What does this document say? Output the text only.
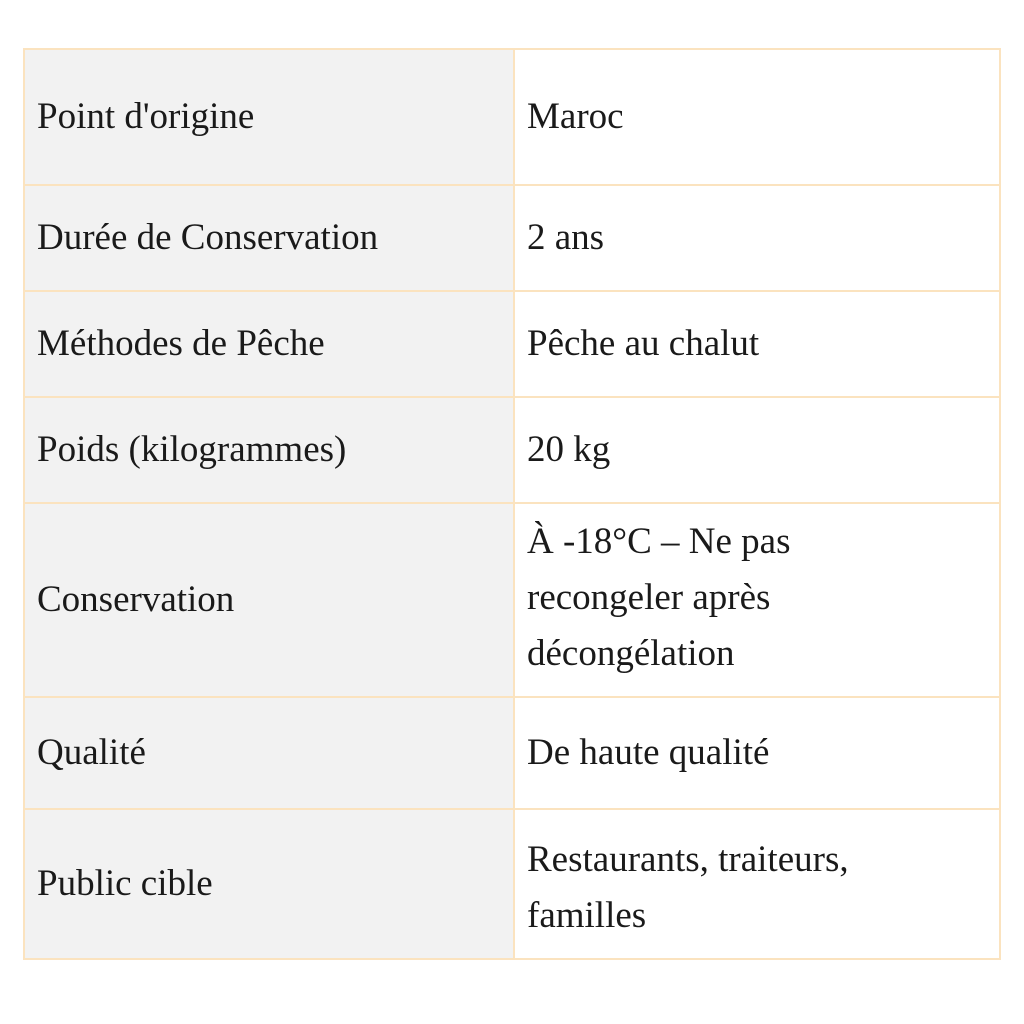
Point d'origine	Maroc
Durée de Conservation	2 ans
Méthodes de Pêche	Pêche au chalut
Poids (kilogrammes)	20 kg
Conservation	À -18°C – Ne pas
recongeler après
décongélation

Qualité	De haute qualité
Public cible	Restaurants, traiteurs,
familles
